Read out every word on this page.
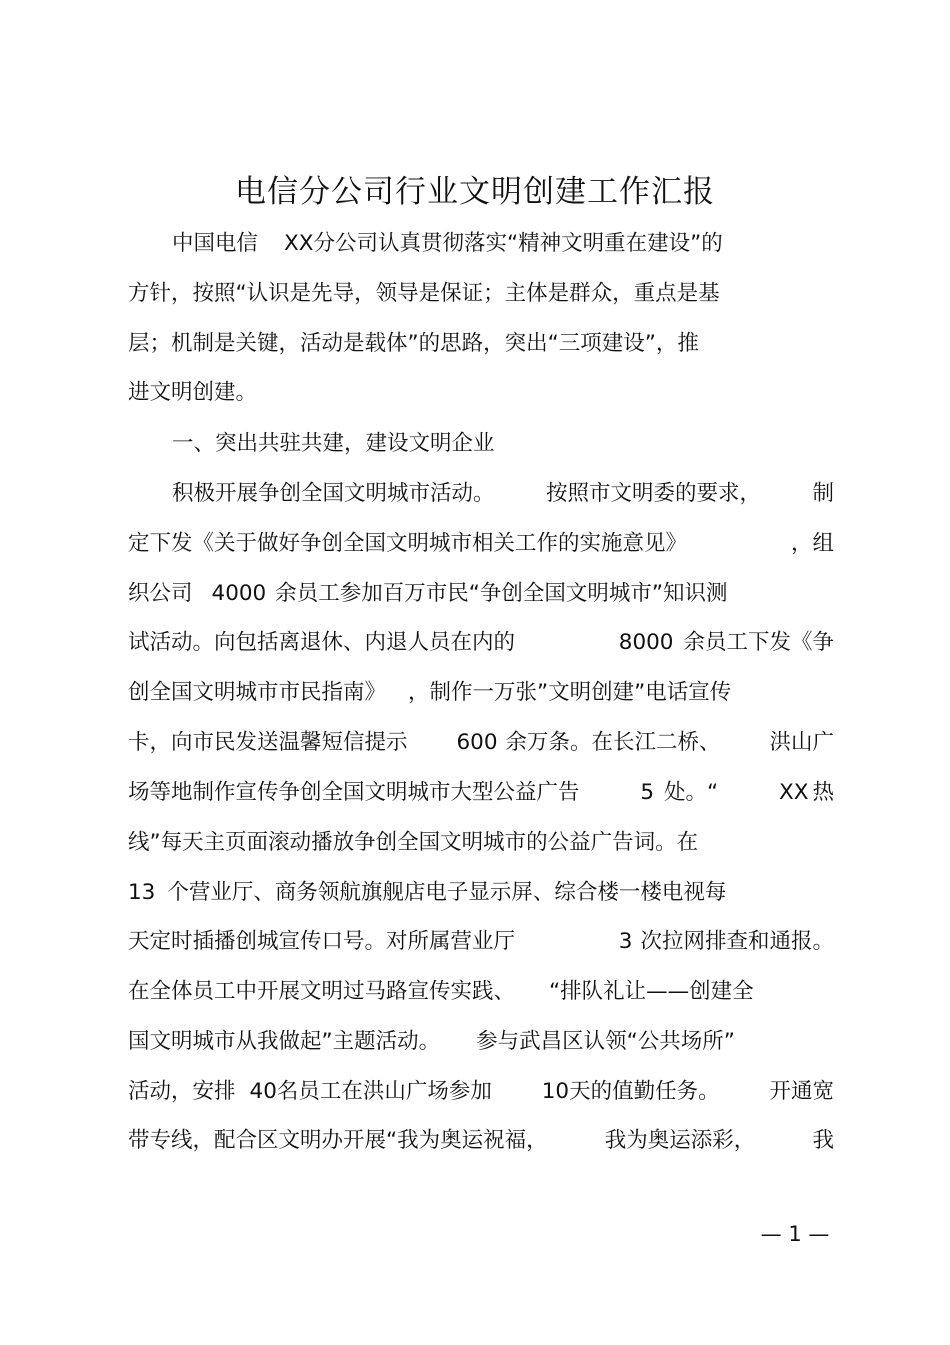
电信分公司行业文明创建工作汇报
中国电信 XX分公司认真贯彻落实“精神文明重在建设”的
方针，按照“认识是先导，领导是保证；主体是群众，重点是基
层；机制是关键，活动是载体”的思路，突出“三项建设”，推
进文明创建。
一、突出共驻共建，建设文明企业
积极开展争创全国文明城市活动。 按照市文明委的要求， 制
定下发《关于做好争创全国文明城市相关工作的实施意见》	，组
织公司 4000 余员工参加百万市民“争创全国文明城市”知识测
试活动。向包括离退休、内退人员在内的	8000 余员工下发《争
创全国文明城市市民指南》 ，制作一万张”文明创建”电话宣传
卡，向市民发送温馨短信提示 600 余万条。在长江二桥、 洪山广
场等地制作宣传争创全国文明城市大型公益广告	5 处。“	XX 热
线”每天主页面滚动播放争创全国文明城市的公益广告词。在
13 个营业厅、商务领航旗舰店电子显示屏、综合楼一楼电视每
天定时插播创城宣传口号。对所属营业厅	3 次拉网排查和通报。
在全体员工中开展文明过马路宣传实践、 “排队礼让——创建全
国文明城市从我做起”主题活动。 参与武昌区认领“公共场所”
活动，安排 40 名员工在洪山广场参加 10 天的值勤任务。 开通宽
带专线，配合区文明办开展“我为奥运祝福，	我为奥运添彩，	我
— 1 —
